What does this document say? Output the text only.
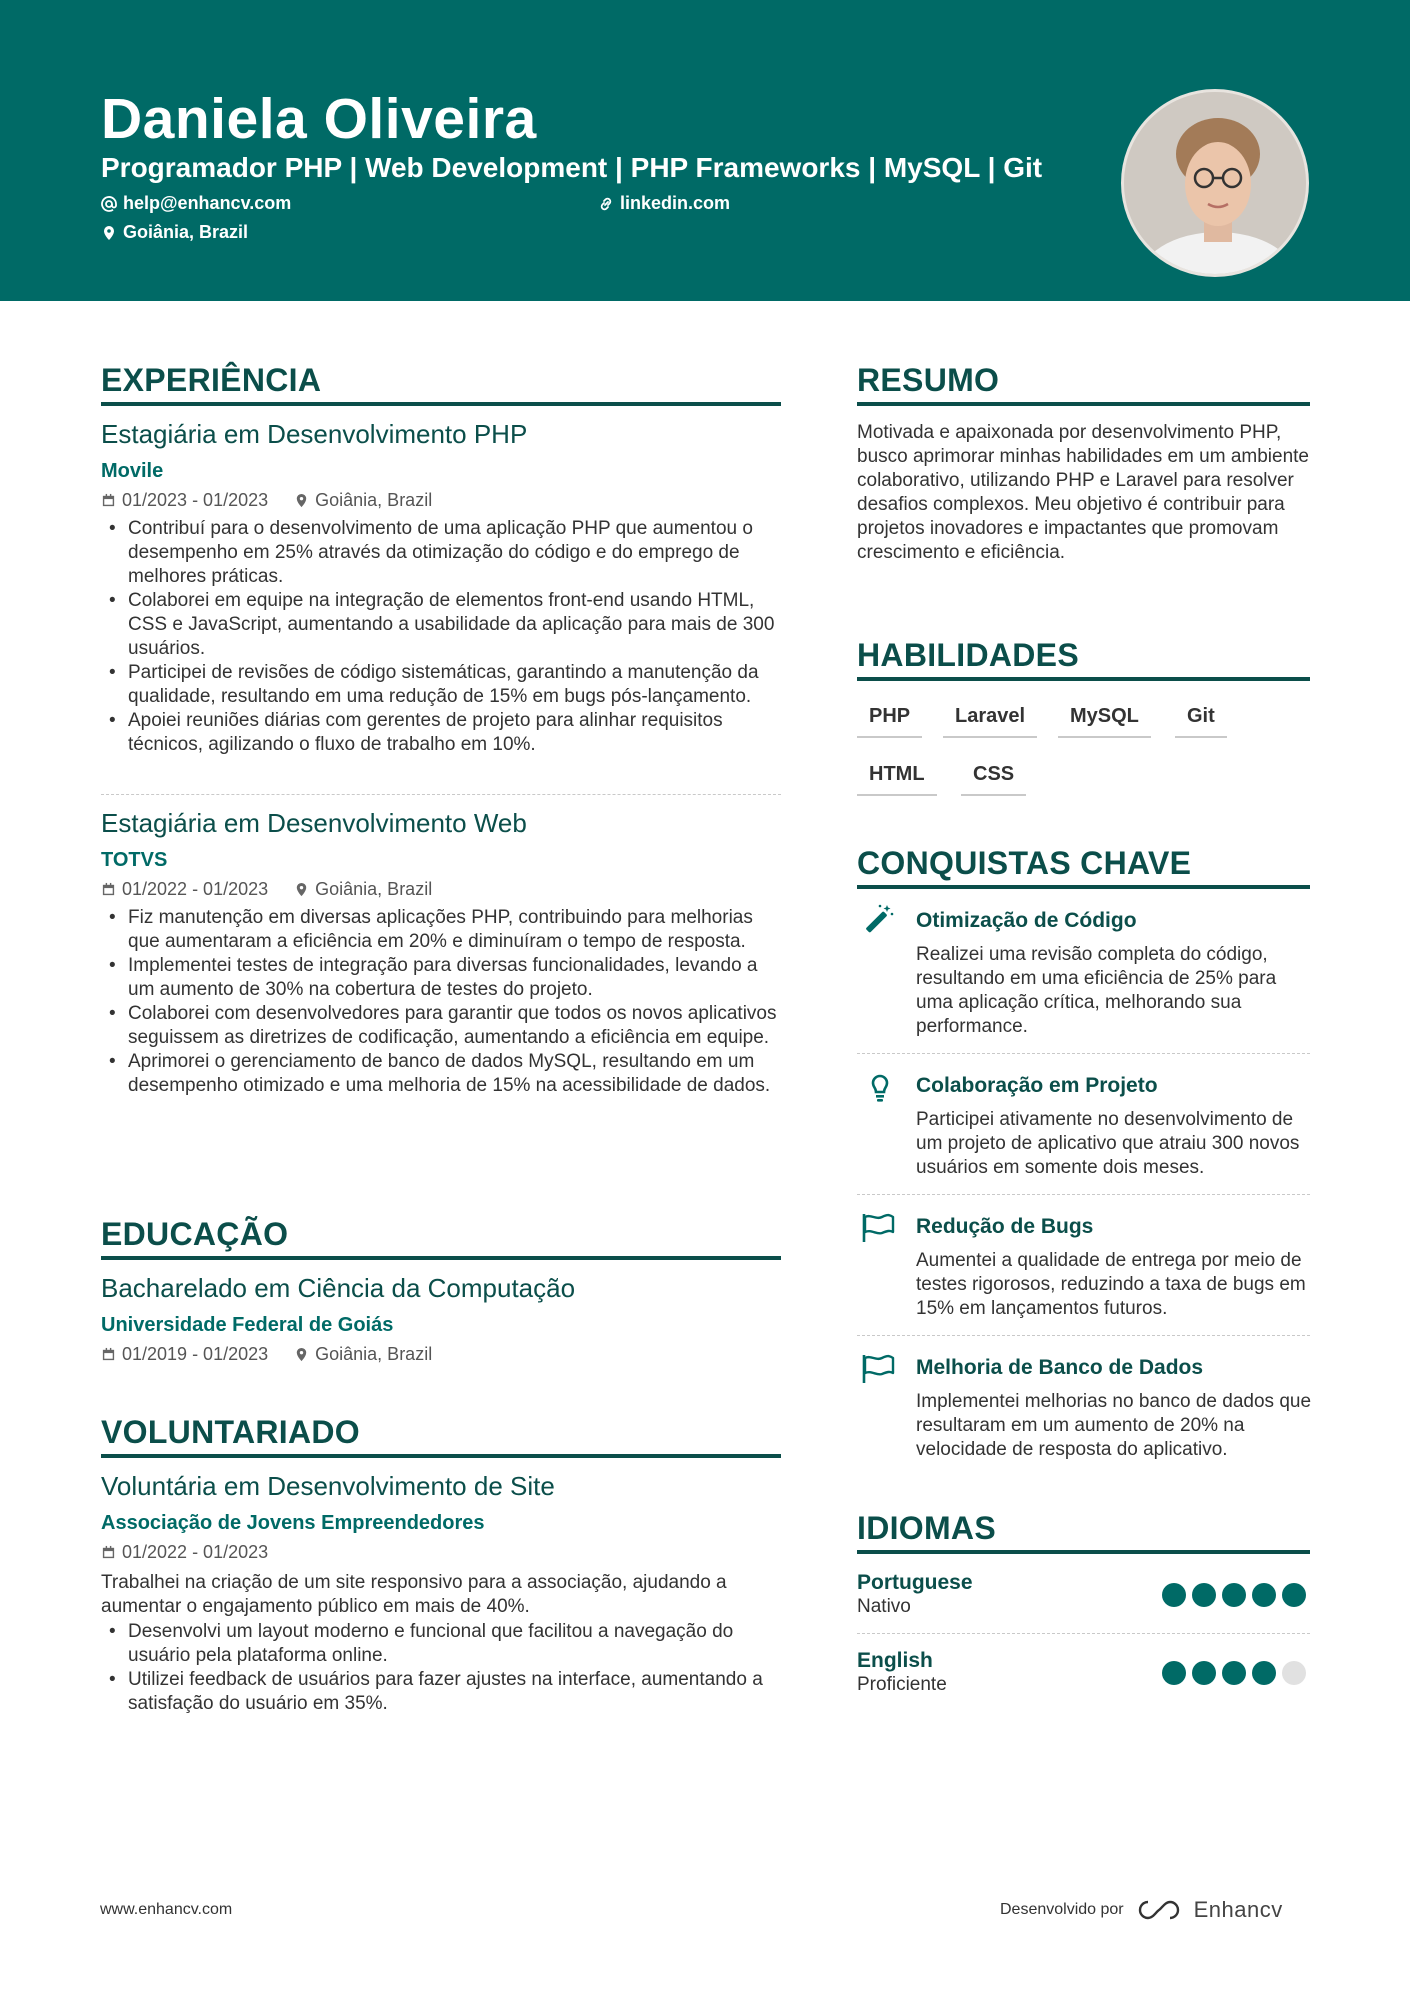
Daniela Oliveira
Programador PHP | Web Development | PHP Frameworks | MySQL | Git
help@enhancv.com	linkedin.com
Goiânia, Brazil
EXPERIÊNCIA
Estagiária em Desenvolvimento PHP
Movile
01/2023 - 01/2023	Goiânia, Brazil
• Contribuí para o desenvolvimento de uma aplicação PHP que aumentou o desempenho em 25% através da otimização do código e do emprego de melhores práticas.
• Colaborei em equipe na integração de elementos front-end usando HTML, CSS e JavaScript, aumentando a usabilidade da aplicação para mais de 300 usuários.
• Participei de revisões de código sistemáticas, garantindo a manutenção da qualidade, resultando em uma redução de 15% em bugs pós-lançamento.
• Apoiei reuniões diárias com gerentes de projeto para alinhar requisitos técnicos, agilizando o fluxo de trabalho em 10%.
Estagiária em Desenvolvimento Web
TOTVS
01/2022 - 01/2023	Goiânia, Brazil
• Fiz manutenção em diversas aplicações PHP, contribuindo para melhorias que aumentaram a eficiência em 20% e diminuíram o tempo de resposta.
• Implementei testes de integração para diversas funcionalidades, levando a um aumento de 30% na cobertura de testes do projeto.
• Colaborei com desenvolvedores para garantir que todos os novos aplicativos seguissem as diretrizes de codificação, aumentando a eficiência em equipe.
• Aprimorei o gerenciamento de banco de dados MySQL, resultando em um desempenho otimizado e uma melhoria de 15% na acessibilidade de dados.
EDUCAÇÃO
Bacharelado em Ciência da Computação
Universidade Federal de Goiás
01/2019 - 01/2023	Goiânia, Brazil
VOLUNTARIADO
Voluntária em Desenvolvimento de Site
Associação de Jovens Empreendedores
01/2022 - 01/2023
Trabalhei na criação de um site responsivo para a associação, ajudando a aumentar o engajamento público em mais de 40%.
• Desenvolvi um layout moderno e funcional que facilitou a navegação do usuário pela plataforma online.
• Utilizei feedback de usuários para fazer ajustes na interface, aumentando a satisfação do usuário em 35%.
RESUMO
Motivada e apaixonada por desenvolvimento PHP, busco aprimorar minhas habilidades em um ambiente colaborativo, utilizando PHP e Laravel para resolver desafios complexos. Meu objetivo é contribuir para projetos inovadores e impactantes que promovam crescimento e eficiência.
HABILIDADES
PHP	Laravel	MySQL	Git
HTML	CSS
CONQUISTAS CHAVE
Otimização de Código
Realizei uma revisão completa do código, resultando em uma eficiência de 25% para uma aplicação crítica, melhorando sua performance.
Colaboração em Projeto
Participei ativamente no desenvolvimento de um projeto de aplicativo que atraiu 300 novos usuários em somente dois meses.
Redução de Bugs
Aumentei a qualidade de entrega por meio de testes rigorosos, reduzindo a taxa de bugs em 15% em lançamentos futuros.
Melhoria de Banco de Dados
Implementei melhorias no banco de dados que resultaram em um aumento de 20% na velocidade de resposta do aplicativo.
IDIOMAS
Portuguese
Nativo
English
Proficiente
www.enhancv.com	Desenvolvido por	Enhancv
